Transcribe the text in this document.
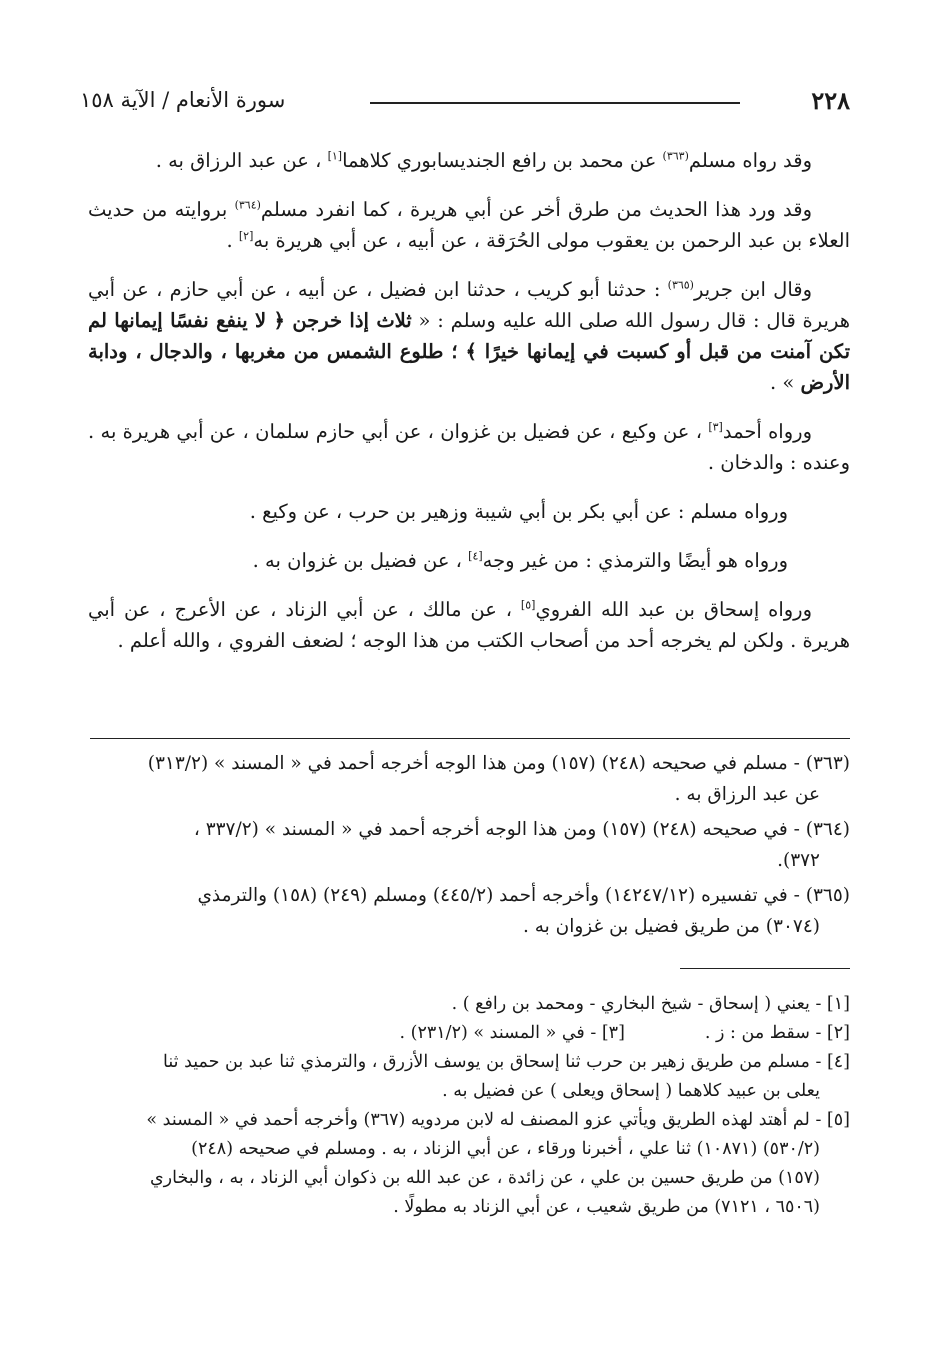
٢٢٨
سورة الأنعام / الآية ١٥٨

وقد رواه مسلم$^{(٣٦٣)}$ عن محمد بن رافع الجنديسابوري كلاهما[١] ، عن عبد الرزاق به .

وقد ورد هذا الحديث من طرق أخر عن أبي هريرة ، كما انفرد مسلم$^{(٣٦٤)}$ بروايته من حديث العلاء بن عبد الرحمن بن يعقوب مولى الحُرَقة ، عن أبيه ، عن أبي هريرة به[٢] .

وقال ابن جرير$^{(٣٦٥)}$ : حدثنا أبو كريب ، حدثنا ابن فضيل ، عن أبيه ، عن أبي حازم ، عن أبي هريرة قال : قال رسول الله صلى الله عليه وسلم : « ثلاث إذا خرجن ﴿ لا ينفع نفسًا إيمانها لم تكن آمنت من قبل أو كسبت في إيمانها خيرًا ﴾ ؛ طلوع الشمس من مغربها ، والدجال ، ودابة الأرض » .

ورواه أحمد[٣] ، عن وكيع ، عن فضيل بن غزوان ، عن أبي حازم سلمان ، عن أبي هريرة به . وعنده : والدخان .

ورواه مسلم : عن أبي بكر بن أبي شيبة وزهير بن حرب ، عن وكيع .

ورواه هو أيضًا والترمذي : من غير وجه[٤] ، عن فضيل بن غزوان به .

ورواه إسحاق بن عبد الله الفروي[٥] ، عن مالك ، عن أبي الزناد ، عن الأعرج ، عن أبي هريرة . ولكن لم يخرجه أحد من أصحاب الكتب من هذا الوجه ؛ لضعف الفروي ، والله أعلم .

(٣٦٣) - مسلم في صحيحه (٢٤٨) (١٥٧) ومن هذا الوجه أخرجه أحمد في « المسند » (٣١٣/٢)
عن عبد الرزاق به .

(٣٦٤) - في صحيحه (٢٤٨) (١٥٧) ومن هذا الوجه أخرجه أحمد في « المسند » (٣٣٧/٢ ،
٣٧٢).

(٣٦٥) - في تفسيره (١٤٢٤٧/١٢) وأخرجه أحمد (٤٤٥/٢) ومسلم (٢٤٩) (١٥٨) والترمذي
(٣٠٧٤) من طريق فضيل بن غزوان به .

[١] - يعني ( إسحاق - شيخ البخاري - ومحمد بن رافع ) .

[٢] - سقط من : ز .
[٣] - في « المسند » (٢٣١/٢) .

[٤] - مسلم من طريق زهير بن حرب ثنا إسحاق بن يوسف الأزرق ، والترمذي ثنا عبد بن حميد ثنا
يعلى بن عبيد كلاهما ( إسحاق ويعلى ) عن فضيل به .

[٥] - لم أهتد لهذه الطريق ويأتي عزو المصنف له لابن مردويه (٣٦٧) وأخرجه أحمد في « المسند »
(٥٣٠/٢) (١٠٨٧١) ثنا علي ، أخبرنا ورقاء ، عن أبي الزناد ، به . ومسلم في صحيحه (٢٤٨)
(١٥٧) من طريق حسين بن علي ، عن زائدة ، عن عبد الله بن ذكوان أبي الزناد ، به ، والبخاري
(٦٥٠٦ ، ٧١٢١) من طريق شعيب ، عن أبي الزناد به مطولًا .
